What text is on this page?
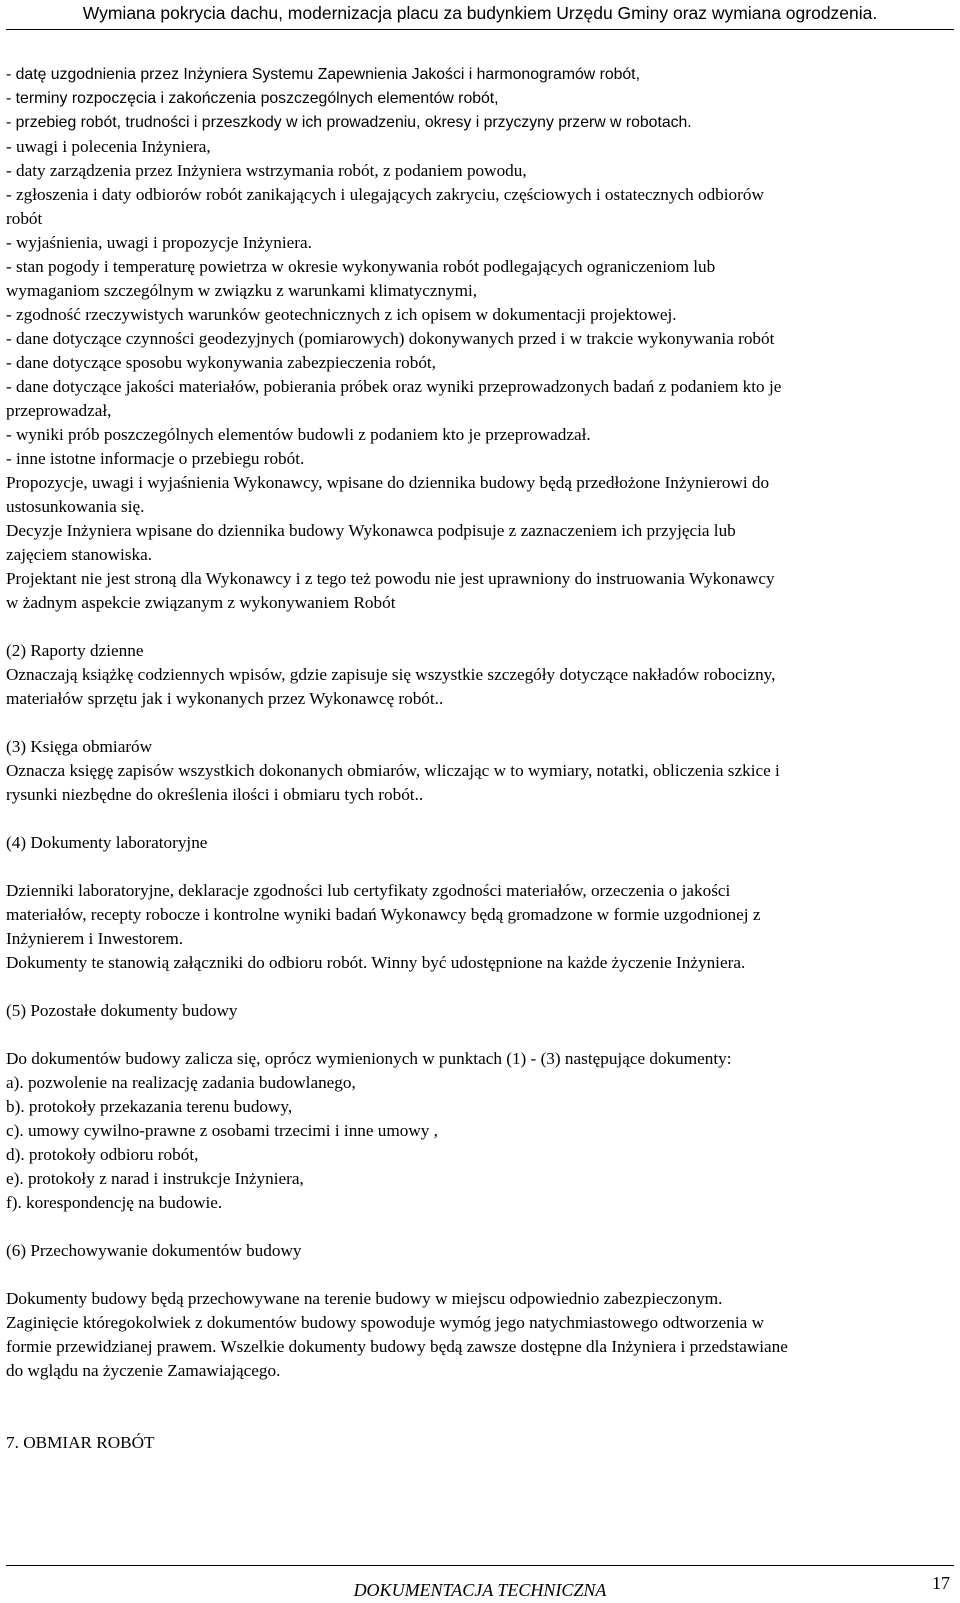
Wymiana pokrycia dachu, modernizacja placu za budynkiem Urzędu Gminy oraz wymiana ogrodzenia.
- datę uzgodnienia przez Inżyniera Systemu Zapewnienia Jakości i harmonogramów robót,
- terminy rozpoczęcia i zakończenia poszczególnych elementów robót,
- przebieg robót, trudności i przeszkody w ich prowadzeniu, okresy i przyczyny przerw w robotach.
- uwagi i polecenia Inżyniera,
- daty zarządzenia przez Inżyniera wstrzymania robót, z podaniem powodu,
- zgłoszenia i daty odbiorów robót zanikających i ulegających zakryciu, częściowych i ostatecznych odbiorów
robót
- wyjaśnienia, uwagi i propozycje Inżyniera.
- stan pogody i temperaturę powietrza w okresie wykonywania robót podlegających ograniczeniom lub
wymaganiom szczególnym w związku z warunkami klimatycznymi,
- zgodność rzeczywistych warunków geotechnicznych z ich opisem w dokumentacji projektowej.
- dane dotyczące czynności geodezyjnych (pomiarowych) dokonywanych przed i w trakcie wykonywania robót
- dane dotyczące sposobu wykonywania zabezpieczenia robót,
- dane dotyczące jakości materiałów, pobierania próbek oraz wyniki przeprowadzonych badań z podaniem kto je
przeprowadzał,
- wyniki prób poszczególnych elementów budowli z podaniem kto je przeprowadzał.
- inne istotne informacje o przebiegu robót.
Propozycje, uwagi i wyjaśnienia Wykonawcy, wpisane do dziennika budowy będą przedłożone Inżynierowi do
ustosunkowania się.
Decyzje Inżyniera wpisane do dziennika budowy Wykonawca podpisuje z zaznaczeniem ich przyjęcia lub
zajęciem stanowiska.
Projektant nie jest stroną dla Wykonawcy i z tego też powodu nie jest uprawniony do instruowania Wykonawcy
w żadnym aspekcie związanym z wykonywaniem Robót
(2) Raporty dzienne
Oznaczają książkę codziennych wpisów, gdzie zapisuje się wszystkie szczegóły dotyczące nakładów robocizny,
materiałów sprzętu jak i wykonanych przez Wykonawcę robót..
(3) Księga obmiarów
Oznacza księgę zapisów wszystkich dokonanych obmiarów, wliczając w to wymiary, notatki, obliczenia szkice i
rysunki niezbędne do określenia ilości i obmiaru tych robót..
(4) Dokumenty laboratoryjne
Dzienniki laboratoryjne, deklaracje zgodności lub certyfikaty zgodności materiałów, orzeczenia o jakości
materiałów, recepty robocze i kontrolne wyniki badań Wykonawcy będą gromadzone w formie uzgodnionej z
Inżynierem i Inwestorem.
Dokumenty te stanowią załączniki do odbioru robót. Winny być udostępnione na każde życzenie Inżyniera.
(5) Pozostałe dokumenty budowy
Do dokumentów budowy zalicza się, oprócz wymienionych w punktach (1) - (3) następujące dokumenty:
a). pozwolenie na realizację zadania budowlanego,
b). protokoły przekazania terenu budowy,
c). umowy cywilno-prawne z osobami trzecimi i inne umowy ,
d). protokoły odbioru robót,
e). protokoły z narad i instrukcje Inżyniera,
f). korespondencję na budowie.
(6) Przechowywanie dokumentów budowy
Dokumenty budowy będą przechowywane na terenie budowy w miejscu odpowiednio zabezpieczonym.
Zaginięcie któregokolwiek z dokumentów budowy spowoduje wymóg jego natychmiastowego odtworzenia w
formie przewidzianej prawem. Wszelkie dokumenty budowy będą zawsze dostępne dla Inżyniera i przedstawiane
do wglądu na życzenie Zamawiającego.
7. OBMIAR ROBÓT
DOKUMENTACJA TECHNICZNA	17
